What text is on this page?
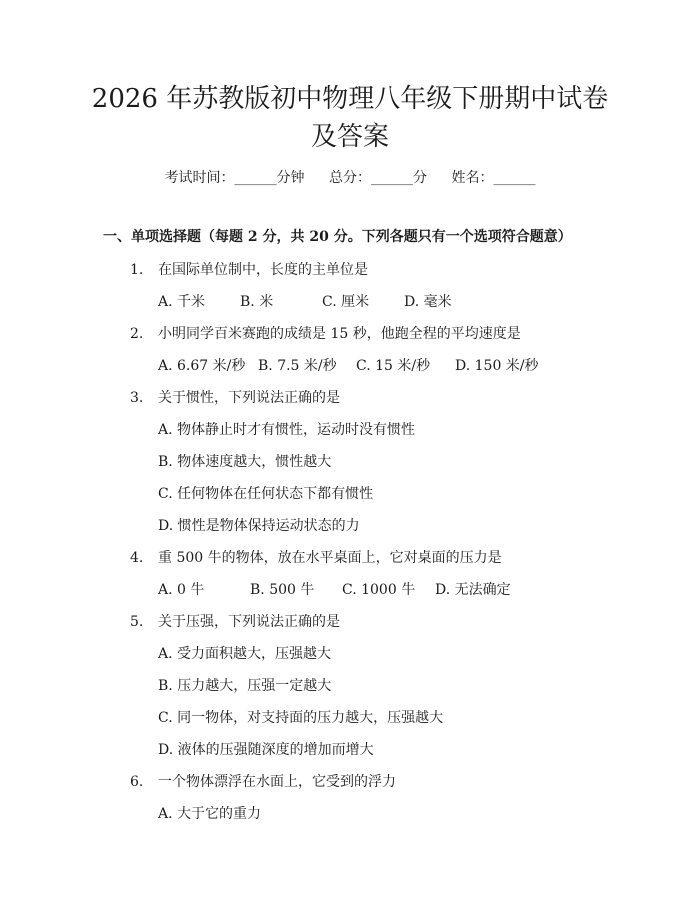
2026 年苏教版初中物理八年级下册期中试卷
及答案
考试时间：______分钟 总分：______分 姓名：______
一、单项选择题（每题 2 分，共 20 分。下列各题只有一个选项符合题意）
1. 在国际单位制中，长度的主单位是
A. 千米 B. 米	C. 厘米 D. 毫米
2. 小明同学百米赛跑的成绩是 15 秒，他跑全程的平均速度是
A. 6.67 米/秒 B. 7.5 米/秒 C. 15 米/秒 D. 150 米/秒
3. 关于惯性，下列说法正确的是
A. 物体静止时才有惯性，运动时没有惯性
B. 物体速度越大，惯性越大
C. 任何物体在任何状态下都有惯性
D. 惯性是物体保持运动状态的力
4. 重 500 牛的物体，放在水平桌面上，它对桌面的压力是
A. 0 牛	B. 500 牛 C. 1000 牛 D. 无法确定
5. 关于压强，下列说法正确的是
A. 受力面积越大，压强越大
B. 压力越大，压强一定越大
C. 同一物体，对支持面的压力越大，压强越大
D. 液体的压强随深度的增加而增大
6. 一个物体漂浮在水面上，它受到的浮力
A. 大于它的重力
